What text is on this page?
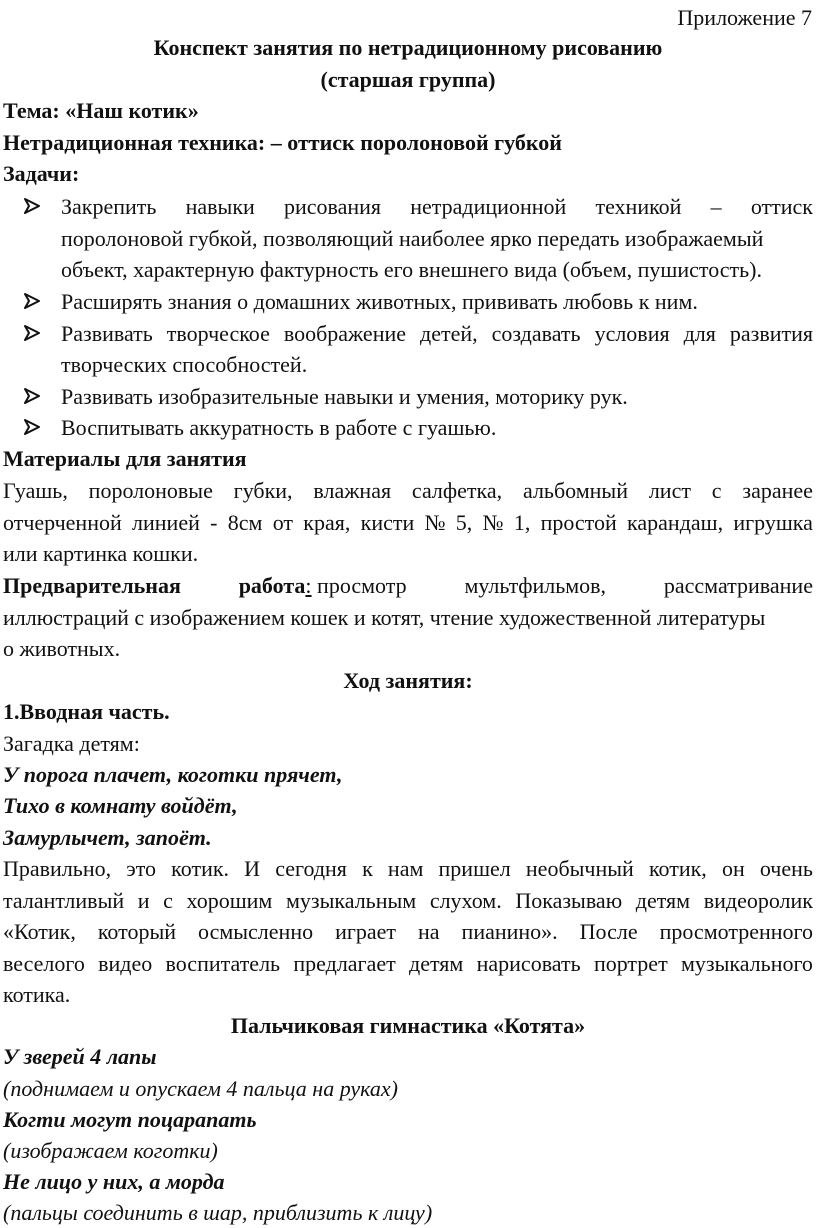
Приложение 7
Конспект занятия по нетрадиционному рисованию
(старшая группа)
Тема: «Наш котик»
Нетрадиционная техника: – оттиск поролоновой губкой
Задачи:
Закрепить навыки рисования нетрадиционной техникой – оттиск
поролоновой губкой, позволяющий наиболее ярко передать изображаемый
объект, характерную фактурность его внешнего вида (объем, пушистость).
Расширять знания о домашних животных, прививать любовь к ним.
Развивать творческое воображение детей, создавать условия для развития
творческих способностей.
Развивать изобразительные навыки и умения, моторику рук.
Воспитывать аккуратность в работе с гуашью.
Материалы для занятия
Гуашь, поролоновые губки, влажная салфетка, альбомный лист с заранее
отчерченной линией - 8см от края, кисти № 5, № 1, простой карандаш, игрушка
или картинка кошки.
Предварительная	работа: просмотр	мультфильмов,	рассматривание
иллюстраций с изображением кошек и котят, чтение художественной литературы
о животных.
Ход занятия:
1.Вводная часть.
Загадка детям:
У порога плачет, коготки прячет,
Тихо в комнату войдёт,
Замурлычет, запоёт.
Правильно, это котик. И сегодня к нам пришел необычный котик, он очень
талантливый и с хорошим музыкальным слухом. Показываю детям видеоролик
«Котик, который осмысленно играет на пианино». После просмотренного
веселого видео воспитатель предлагает детям нарисовать портрет музыкального
котика.
Пальчиковая гимнастика «Котята»
У зверей 4 лапы
(поднимаем и опускаем 4 пальца на руках)
Когти могут поцарапать
(изображаем коготки)
Не лицо у них, а морда
(пальцы соединить в шар, приблизить к лицу)
